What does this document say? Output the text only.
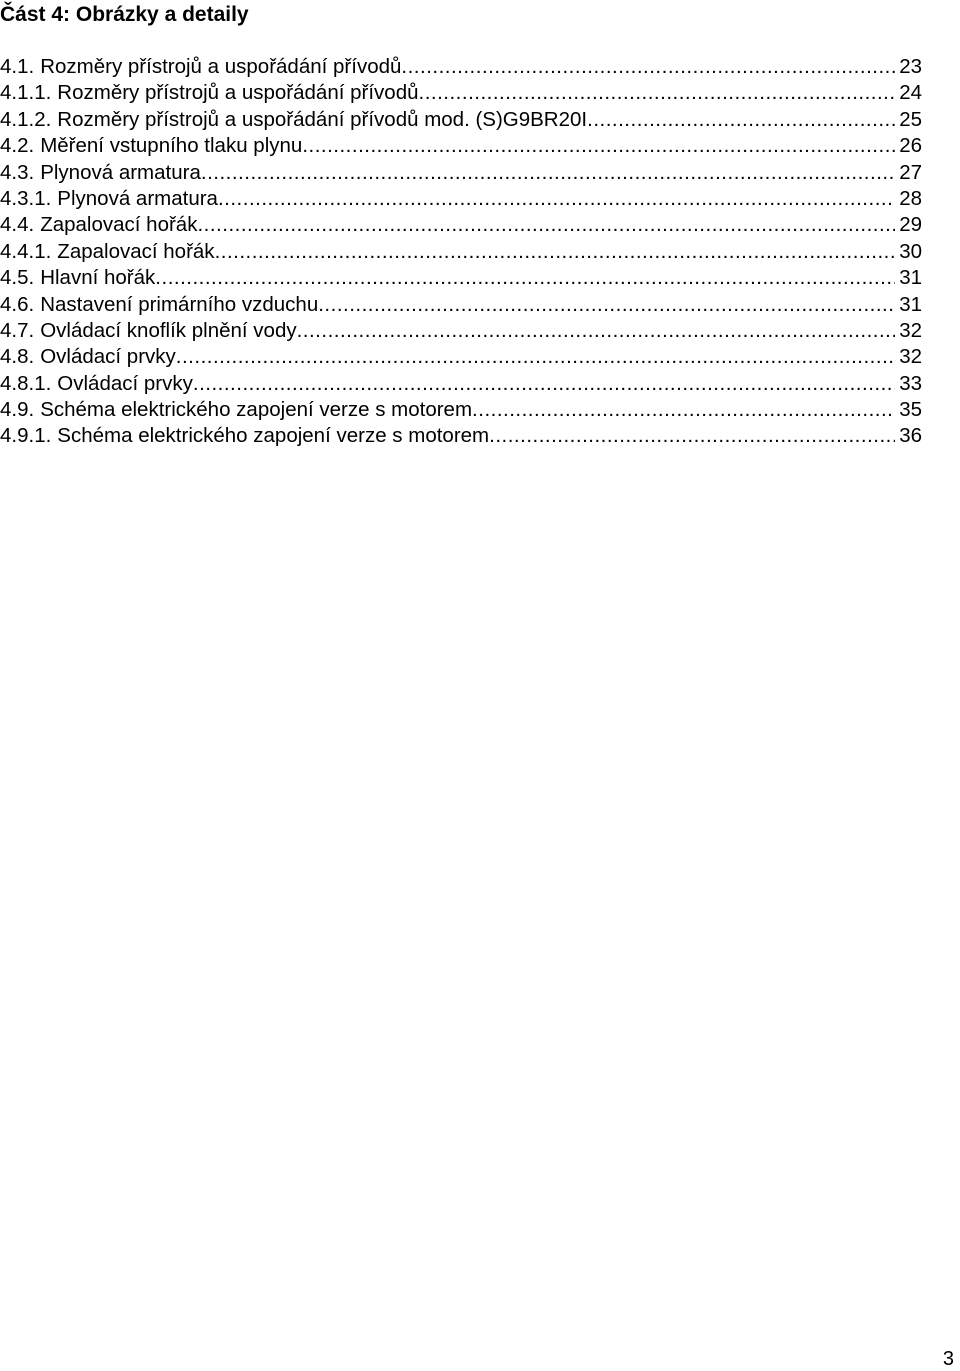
Část 4: Obrázky a detaily
4.1. Rozměry přístrojů a uspořádání přívodů .....	23
4.1.1. Rozměry přístrojů a uspořádání přívodů .....	24
4.1.2. Rozměry přístrojů a uspořádání přívodů mod. (S)G9BR20I .....	25
4.2. Měření vstupního tlaku plynu .....	26
4.3. Plynová armatura .....	27
4.3.1. Plynová armatura .....	28
4.4. Zapalovací hořák .....	29
4.4.1. Zapalovací hořák .....	30
4.5. Hlavní hořák .....	31
4.6. Nastavení primárního vzduchu .....	31
4.7. Ovládací knoflík plnění vody .....	32
4.8. Ovládací prvky .....	32
4.8.1. Ovládací prvky .....	33
4.9. Schéma elektrického zapojení verze s motorem .....	35
4.9.1. Schéma elektrického zapojení verze s motorem .....	36
3
